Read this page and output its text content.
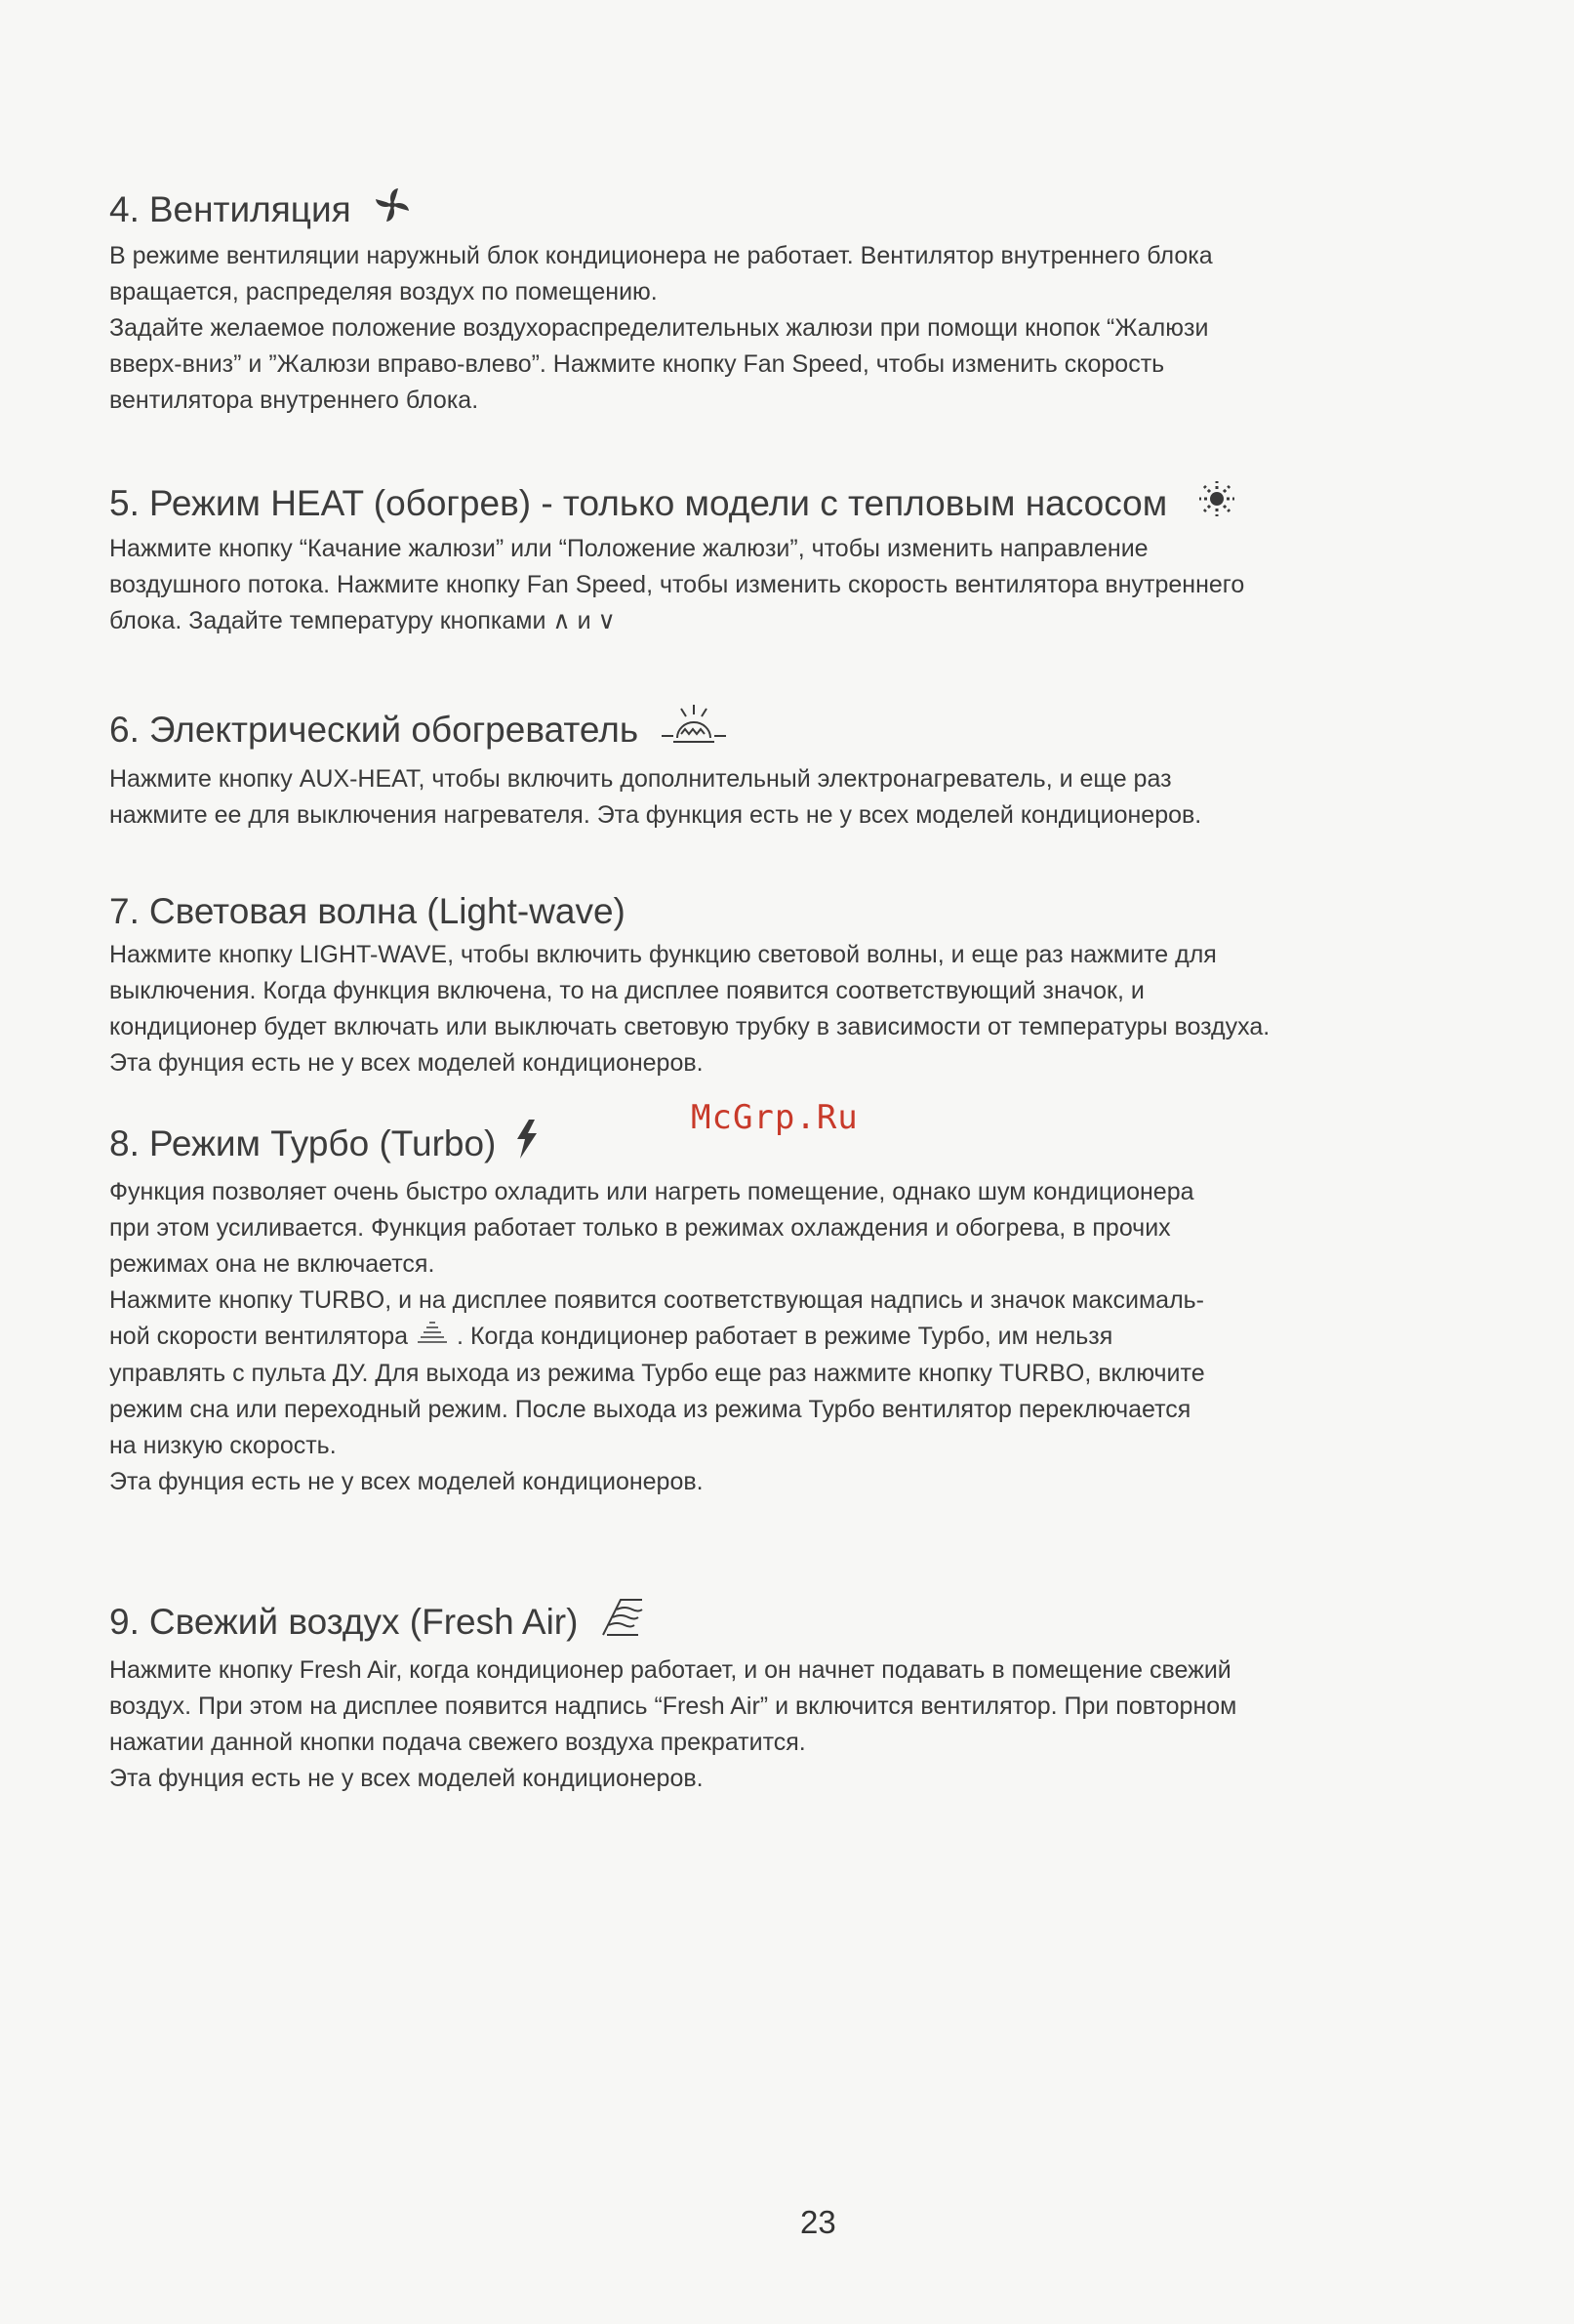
4. Вентиляция
В режиме вентиляции наружный блок кондиционера не работает. Вентилятор внутреннего блока
вращается, распределяя воздух по помещению.
Задайте желаемое положение воздухораспределительных жалюзи при помощи кнопок “Жалюзи
вверх-вниз” и ”Жалюзи вправо-влево”. Нажмите кнопку Fan Speed, чтобы изменить скорость
вентилятора внутреннего блока.
5. Режим HEAT (обогрев) - только модели с тепловым насосом
Нажмите кнопку “Качание жалюзи” или “Положение жалюзи”, чтобы изменить направление
воздушного потока. Нажмите кнопку Fan Speed, чтобы изменить скорость вентилятора внутреннего
блока. Задайте температуру кнопками ∧ и ∨
6. Электрический обогреватель
Нажмите кнопку AUX-HEAT, чтобы включить дополнительный электронагреватель, и еще раз
нажмите ее для выключения нагревателя. Эта функция есть не у всех моделей кондиционеров.
7. Световая волна (Light-wave)
Нажмите кнопку LIGHT-WAVE, чтобы включить функцию световой волны, и еще раз нажмите для
выключения. Когда функция включена, то на дисплее появится соответствующий значок, и
кондиционер будет включать или выключать световую трубку в зависимости от температуры воздуха.
Эта фунция есть не у всех моделей кондиционеров.
8. Режим Турбо (Turbo)
Функция позволяет очень быстро охладить или нагреть помещение, однако шум кондиционера
при этом усиливается. Функция работает только в режимах охлаждения и обогрева, в прочих
режимах она не включается.
Нажмите кнопку TURBO, и на дисплее появится соответствующая надпись и значок максималь-
ной скорости вентилятора . Когда кондиционер работает в режиме Турбо, им нельзя
управлять с пульта ДУ. Для выхода из режима Турбо еще раз нажмите кнопку TURBO, включите
режим сна или переходный режим. После выхода из режима Турбо вентилятор переключается
на низкую скорость.
Эта фунция есть не у всех моделей кондиционеров.
9. Свежий воздух (Fresh Air)
Нажмите кнопку Fresh Air, когда кондиционер работает, и он начнет подавать в помещение свежий
воздух. При этом на дисплее появится надпись “Fresh Air” и включится вентилятор. При повторном
нажатии данной кнопки подача свежего воздуха прекратится.
Эта фунция есть не у всех моделей кондиционеров.
McGrp.Ru
23
